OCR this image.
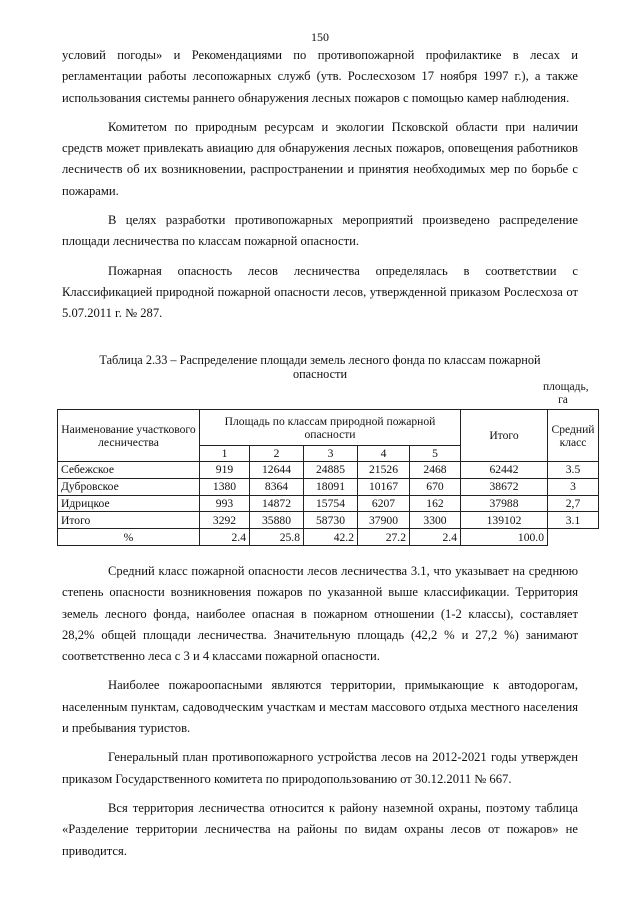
150

условий погоды» и Рекомендациями по противопожарной профилактике в лесах и регламентации работы лесопожарных служб (утв. Рослесхозом 17 ноября 1997 г.), а также использования системы раннего обнаружения лесных пожаров с помощью камер наблюдения.

Комитетом по природным ресурсам и экологии Псковской области при наличии средств может привлекать авиацию для обнаружения лесных пожаров, оповещения работников лесничеств об их возникновении, распространении и принятия необходимых мер по борьбе с пожарами.

В целях разработки противопожарных мероприятий произведено распределение площади лесничества по классам пожарной опасности.

Пожарная опасность лесов лесничества определялась в соответствии с Классификацией природной пожарной опасности лесов, утвержденной приказом Рослесхоза от 5.07.2011 г. № 287.

Таблица 2.33 – Распределение площади земель лесного фонда по классам пожарной
опасности
площадь,
га
Наименование участкового лесничества	Площадь по классам природной пожарной опасности					Итого	Средний класс
	1	2	3	4	5		
Себежское	919	12644	24885	21526	2468	62442	3.5
Дубровское	1380	8364	18091	10167	670	38672	3
Идрицкое	993	14872	15754	6207	162	37988	2,7
Итого	3292	35880	58730	37900	3300	139102	3.1
%	2.4	25.8	42.2	27.2	2.4	100.0	

Средний класс пожарной опасности лесов лесничества 3.1, что указывает на среднюю степень опасности возникновения пожаров по указанной выше классификации. Территория земель лесного фонда, наиболее опасная в пожарном отношении (1-2 классы), составляет 28,2% общей площади лесничества. Значительную площадь (42,2 % и 27,2 %) занимают соответственно леса с 3 и 4 классами пожарной опасности.

Наиболее пожароопасными являются территории, примыкающие к автодорогам, населенным пунктам, садоводческим участкам и местам массового отдыха местного населения и пребывания туристов.

Генеральный план противопожарного устройства лесов на 2012-2021 годы утвержден приказом Государственного комитета по природопользованию от 30.12.2011 № 667.

Вся территория лесничества относится к району наземной охраны, поэтому таблица «Разделение территории лесничества на районы по видам охраны лесов от пожаров» не приводится.
